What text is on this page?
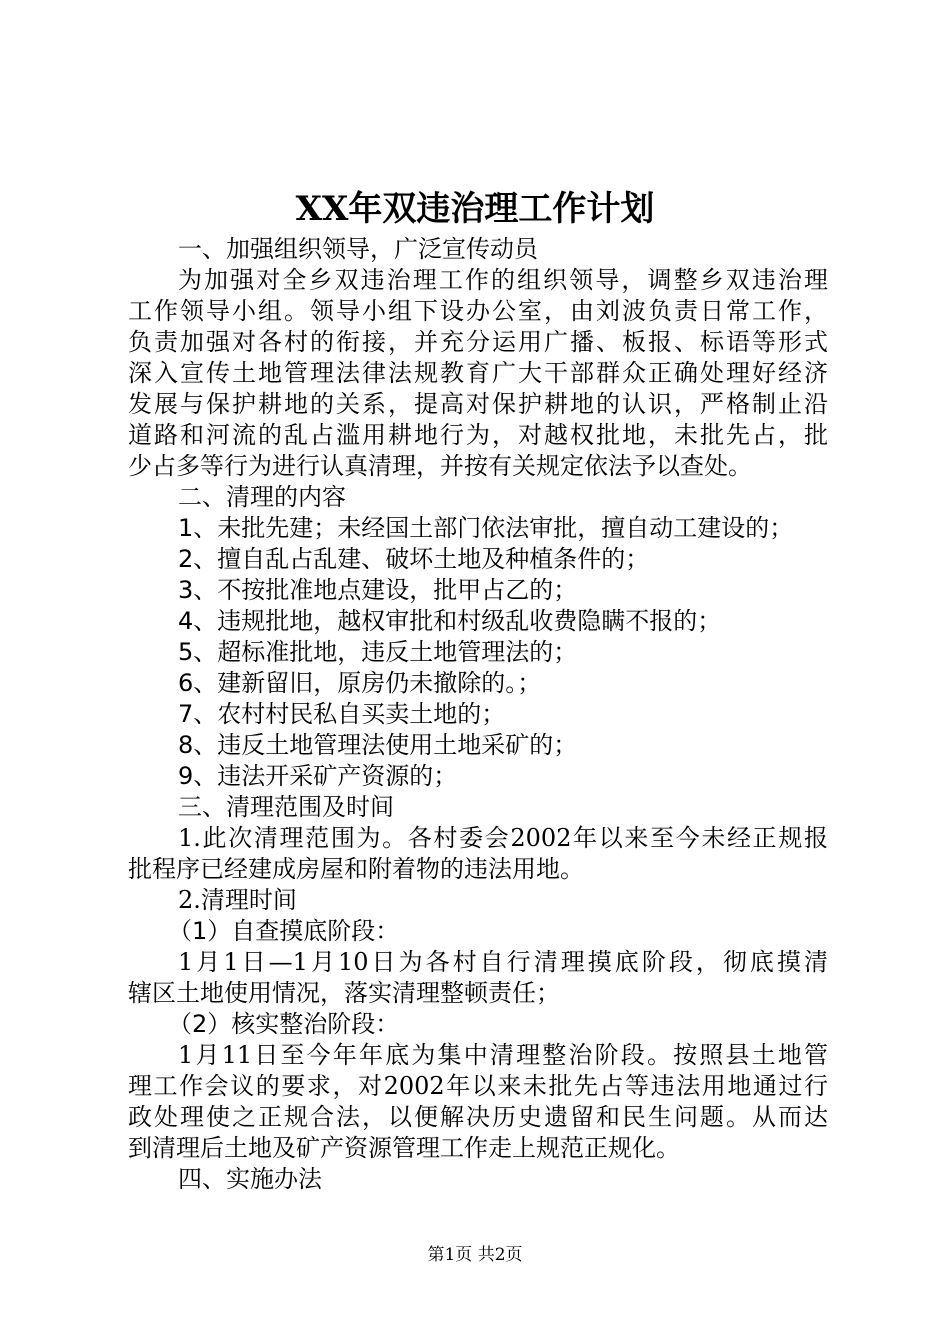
XX年双违治理工作计划
一、加强组织领导，广泛宣传动员
为加强对全乡双违治理工作的组织领导，调整乡双违治理
工作领导小组。领导小组下设办公室，由刘波负责日常工作，
负责加强对各村的衔接，并充分运用广播、板报、标语等形式
深入宣传土地管理法律法规教育广大干部群众正确处理好经济
发展与保护耕地的关系，提高对保护耕地的认识，严格制止沿
道路和河流的乱占滥用耕地行为，对越权批地，未批先占，批
少占多等行为进行认真清理，并按有关规定依法予以查处。
二、清理的内容
1、未批先建；未经国土部门依法审批，擅自动工建设的；
2、擅自乱占乱建、破坏土地及种植条件的；
3、不按批准地点建设，批甲占乙的；
4、违规批地，越权审批和村级乱收费隐瞒不报的；
5、超标准批地，违反土地管理法的；
6、建新留旧，原房仍未撤除的。；
7、农村村民私自买卖土地的；
8、违反土地管理法使用土地采矿的；
9、违法开采矿产资源的；
三、清理范围及时间
1.此次清理范围为。各村委会2002年以来至今未经正规报
批程序已经建成房屋和附着物的违法用地。
2.清理时间
（1）自查摸底阶段：
1月1日—1月10日为各村自行清理摸底阶段，彻底摸清
辖区土地使用情况，落实清理整顿责任；
（2）核实整治阶段：
1月11日至今年年底为集中清理整治阶段。按照县土地管
理工作会议的要求，对2002年以来未批先占等违法用地通过行
政处理使之正规合法，以便解决历史遗留和民生问题。从而达
到清理后土地及矿产资源管理工作走上规范正规化。
四、实施办法
第1页 共2页
